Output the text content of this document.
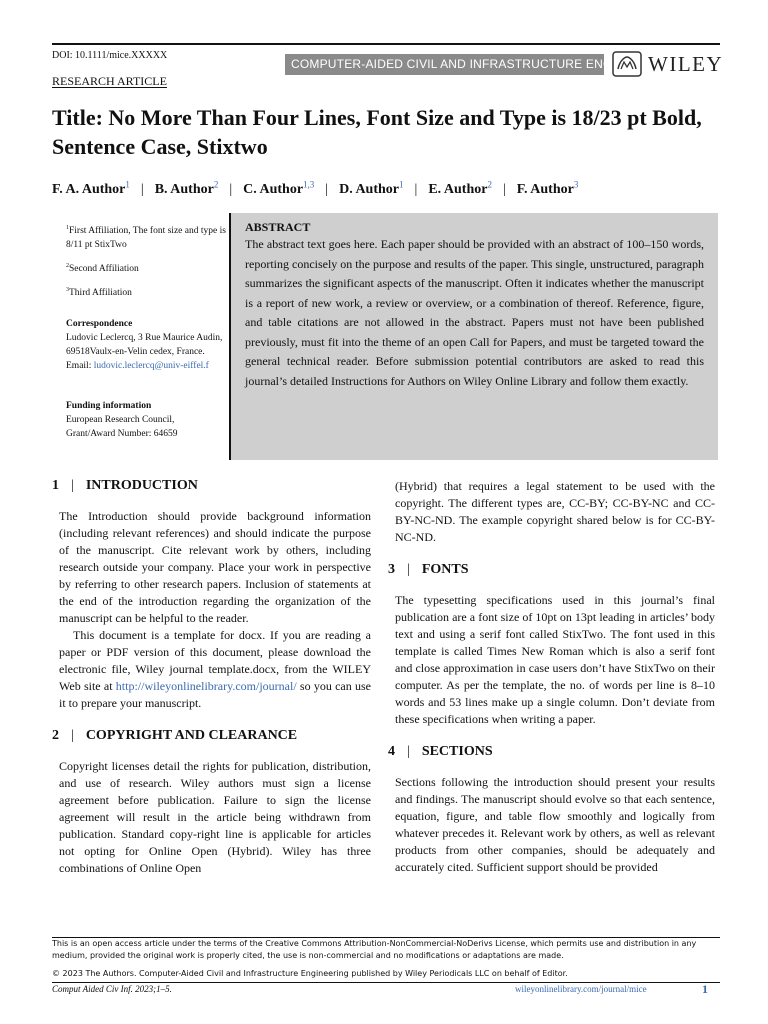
DOI: 10.1111/mice.XXXXX
RESEARCH ARTICLE
COMPUTER-AIDED CIVIL AND INFRASTRUCTURE ENGINEERING
WILEY
Title: No More Than Four Lines, Font Size and Type is 18/23 pt Bold, Sentence Case, Stixtwo
F. A. Author$^1$ | B. Author$^2$ | C. Author$^{1,3}$ | D. Author$^1$ | E. Author$^2$ | F. Author$^3$
$^1$First Affiliation, The font size and type is 8/11 pt StixTwo
$^2$Second Affiliation
$^3$Third Affiliation
Correspondence
Ludovic Leclercq, 3 Rue Maurice Audin, 69518Vaulx-en-Velin cedex, France.
Email: ludovic.leclercq@univ-eiffel.f
Funding information
European Research Council, Grant/Award Number: 64659
ABSTRACT
The abstract text goes here. Each paper should be provided with an abstract of 100–150 words, reporting concisely on the purpose and results of the paper. This single, unstructured, paragraph summarizes the significant aspects of the manuscript. Often it indicates whether the manuscript is a report of new work, a review or overview, or a combination of thereof. Reference, figure, and table citations are not allowed in the abstract. Papers must not have been published previously, must fit into the theme of an open Call for Papers, and must be targeted toward the general technical reader. Before submission potential contributors are asked to read this journal’s detailed Instructions for Authors on Wiley Online Library and follow them exactly.
1 | INTRODUCTION
The Introduction should provide background information (including relevant references) and should indicate the purpose of the manuscript. Cite relevant work by others, including research outside your company. Place your work in perspective by referring to other research papers. Inclusion of statements at the end of the introduction regarding the organization of the manuscript can be helpful to the reader.
This document is a template for docx. If you are reading a paper or PDF version of this document, please download the electronic file, Wiley journal template.docx, from the WILEY Web site at http://wileyonlinelibrary.com/journal/ so you can use it to prepare your manuscript.
2 | COPYRIGHT AND CLEARANCE
Copyright licenses detail the rights for publication, distribution, and use of research. Wiley authors must sign a license agreement before publication. Failure to sign the license agreement will result in the article being withdrawn from publication. Standard copy-right line is applicable for articles not opting for Online Open (Hybrid). Wiley has three combinations of Online Open
(Hybrid) that requires a legal statement to be used with the copyright. The different types are, CC-BY; CC-BY-NC and CC-BY-NC-ND. The example copyright shared below is for CC-BY-NC-ND.
3 | FONTS
The typesetting specifications used in this journal’s final publication are a font size of 10pt on 13pt leading in articles’ body text and using a serif font called StixTwo. The font used in this template is called Times New Roman which is also a serif font and close approximation in case users don’t have StixTwo on their computer. As per the template, the no. of words per line is 8–10 words and 53 lines make up a single column. Don’t deviate from these specifications when writing a paper.
4 | SECTIONS
Sections following the introduction should present your results and findings. The manuscript should evolve so that each sentence, equation, figure, and table flow smoothly and logically from whatever precedes it. Relevant work by others, as well as relevant products from other companies, should be adequately and accurately cited. Sufficient support should be provided
This is an open access article under the terms of the Creative Commons Attribution-NonCommercial-NoDerivs License, which permits use and distribution in any medium, provided the original work is properly cited, the use is non-commercial and no modifications or adaptations are made.
© 2023 The Authors. Computer-Aided Civil and Infrastructure Engineering published by Wiley Periodicals LLC on behalf of Editor.
Comput Aided Civ Inf. 2023;1–5.	wileyonlinelibrary.com/journal/mice	1
